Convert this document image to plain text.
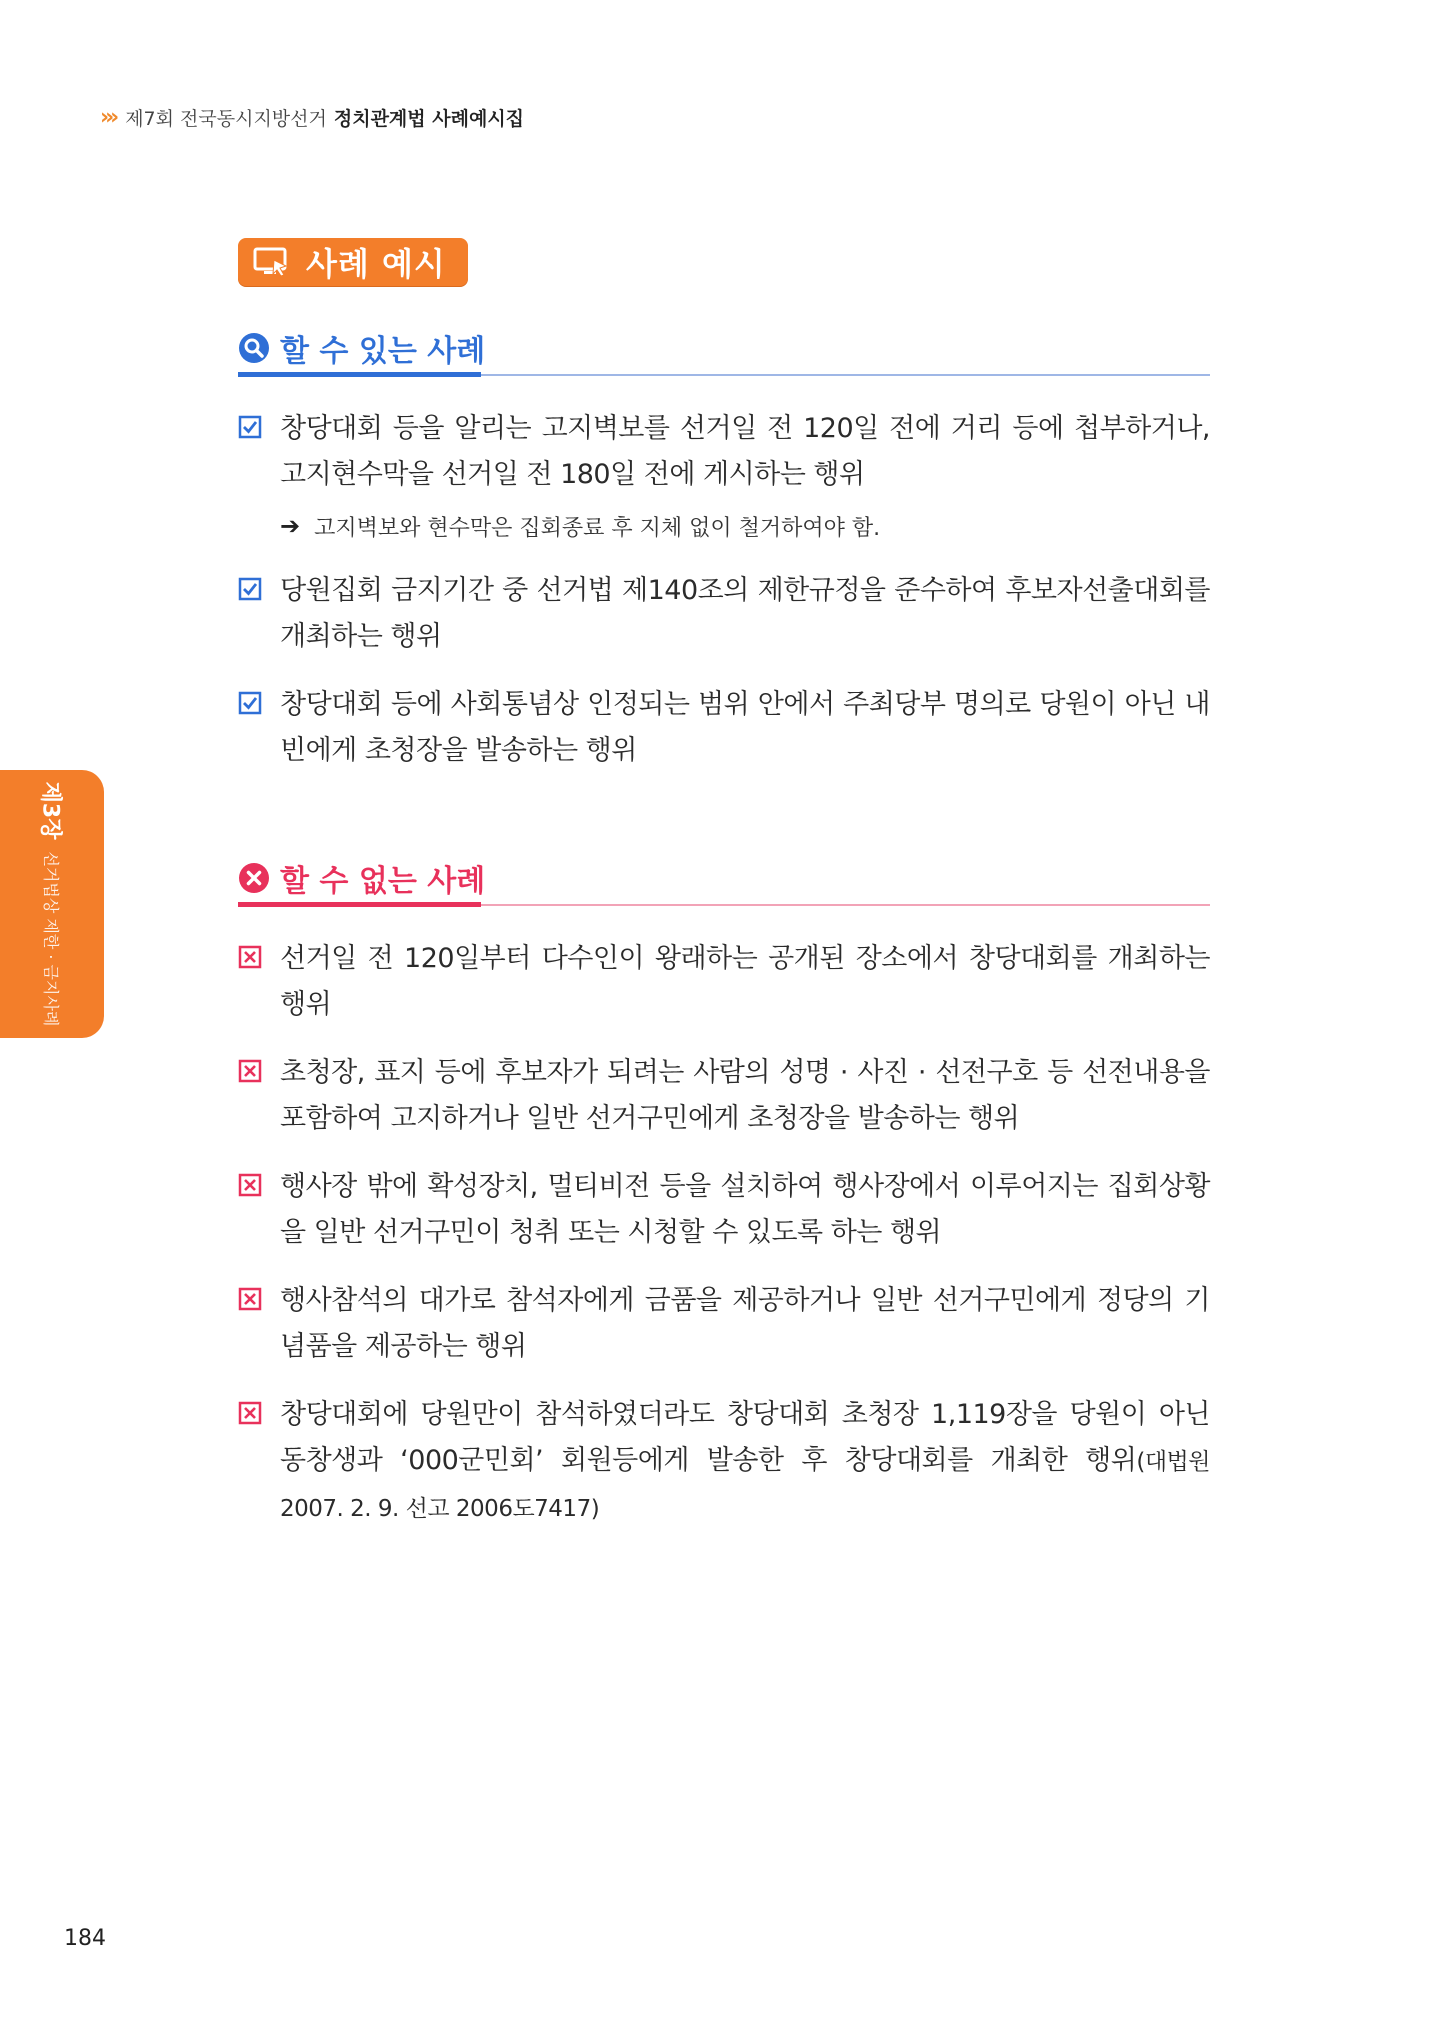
››› 제7회 전국동시지방선거 정치관계법 사례예시집
사례 예시
할 수 있는 사례
창당대회 등을 알리는 고지벽보를 선거일 전 120일 전에 거리 등에 첩부하거나, 고지현수막을 선거일 전 180일 전에 게시하는 행위
➔ 고지벽보와 현수막은 집회종료 후 지체 없이 철거하여야 함.
당원집회 금지기간 중 선거법 제140조의 제한규정을 준수하여 후보자선출대회를 개최하는 행위
창당대회 등에 사회통념상 인정되는 범위 안에서 주최당부 명의로 당원이 아닌 내빈에게 초청장을 발송하는 행위
할 수 없는 사례
선거일 전 120일부터 다수인이 왕래하는 공개된 장소에서 창당대회를 개최하는 행위
초청장, 표지 등에 후보자가 되려는 사람의 성명 · 사진 · 선전구호 등 선전내용을 포함하여 고지하거나 일반 선거구민에게 초청장을 발송하는 행위
행사장 밖에 확성장치, 멀티비전 등을 설치하여 행사장에서 이루어지는 집회상황을 일반 선거구민이 청취 또는 시청할 수 있도록 하는 행위
행사참석의 대가로 참석자에게 금품을 제공하거나 일반 선거구민에게 정당의 기념품을 제공하는 행위
창당대회에 당원만이 참석하였더라도 창당대회 초청장 1,119장을 당원이 아닌 동창생과 ‘000군민회’ 회원등에게 발송한 후 창당대회를 개최한 행위(대법원 2007. 2. 9. 선고 2006도7417)
제3장
선거법상 제한 · 금지사례
184
